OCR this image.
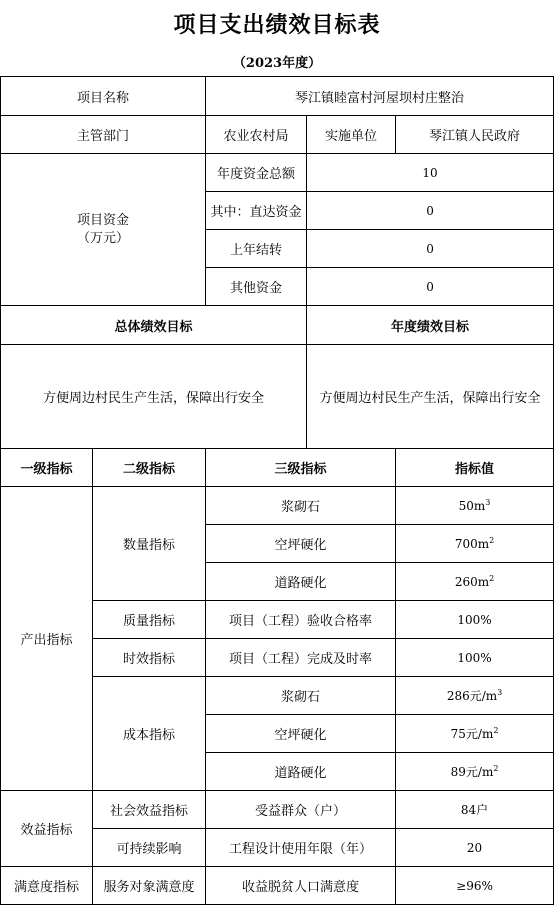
项目支出绩效目标表
（2023年度）
项目名称		琴江镇睦富村河屋坝村庄整治		
主管部门		农业农村局	实施单位	琴江镇人民政府

项目资金
（万元）		年度资金总额	10	
		其中：直达资金	0	
		上年结转	0	
		其他资金	0	
总体绩效目标			年度绩效目标	
方便周边村民生产生活，保障出行安全			方便周边村民生产生活，保障出行安全	
一级指标	二级指标	三级指标		指标值
产出指标	数量指标	浆砌石		$50m^3$
		空坪硬化		$700m^2$
		道路硬化		$260m^2$
	质量指标	项目（工程）验收合格率		100%
	时效指标	项目（工程）完成及时率		100%
	成本指标	浆砌石		286元$/m^3$
		空坪硬化		75元$/m^2$
		道路硬化		89元$/m^2$
效益指标	社会效益指标	受益群众（户）		84户
	可持续影响	工程设计使用年限（年）		20
满意度指标	服务对象满意度	收益脱贫人口满意度		≥96%
